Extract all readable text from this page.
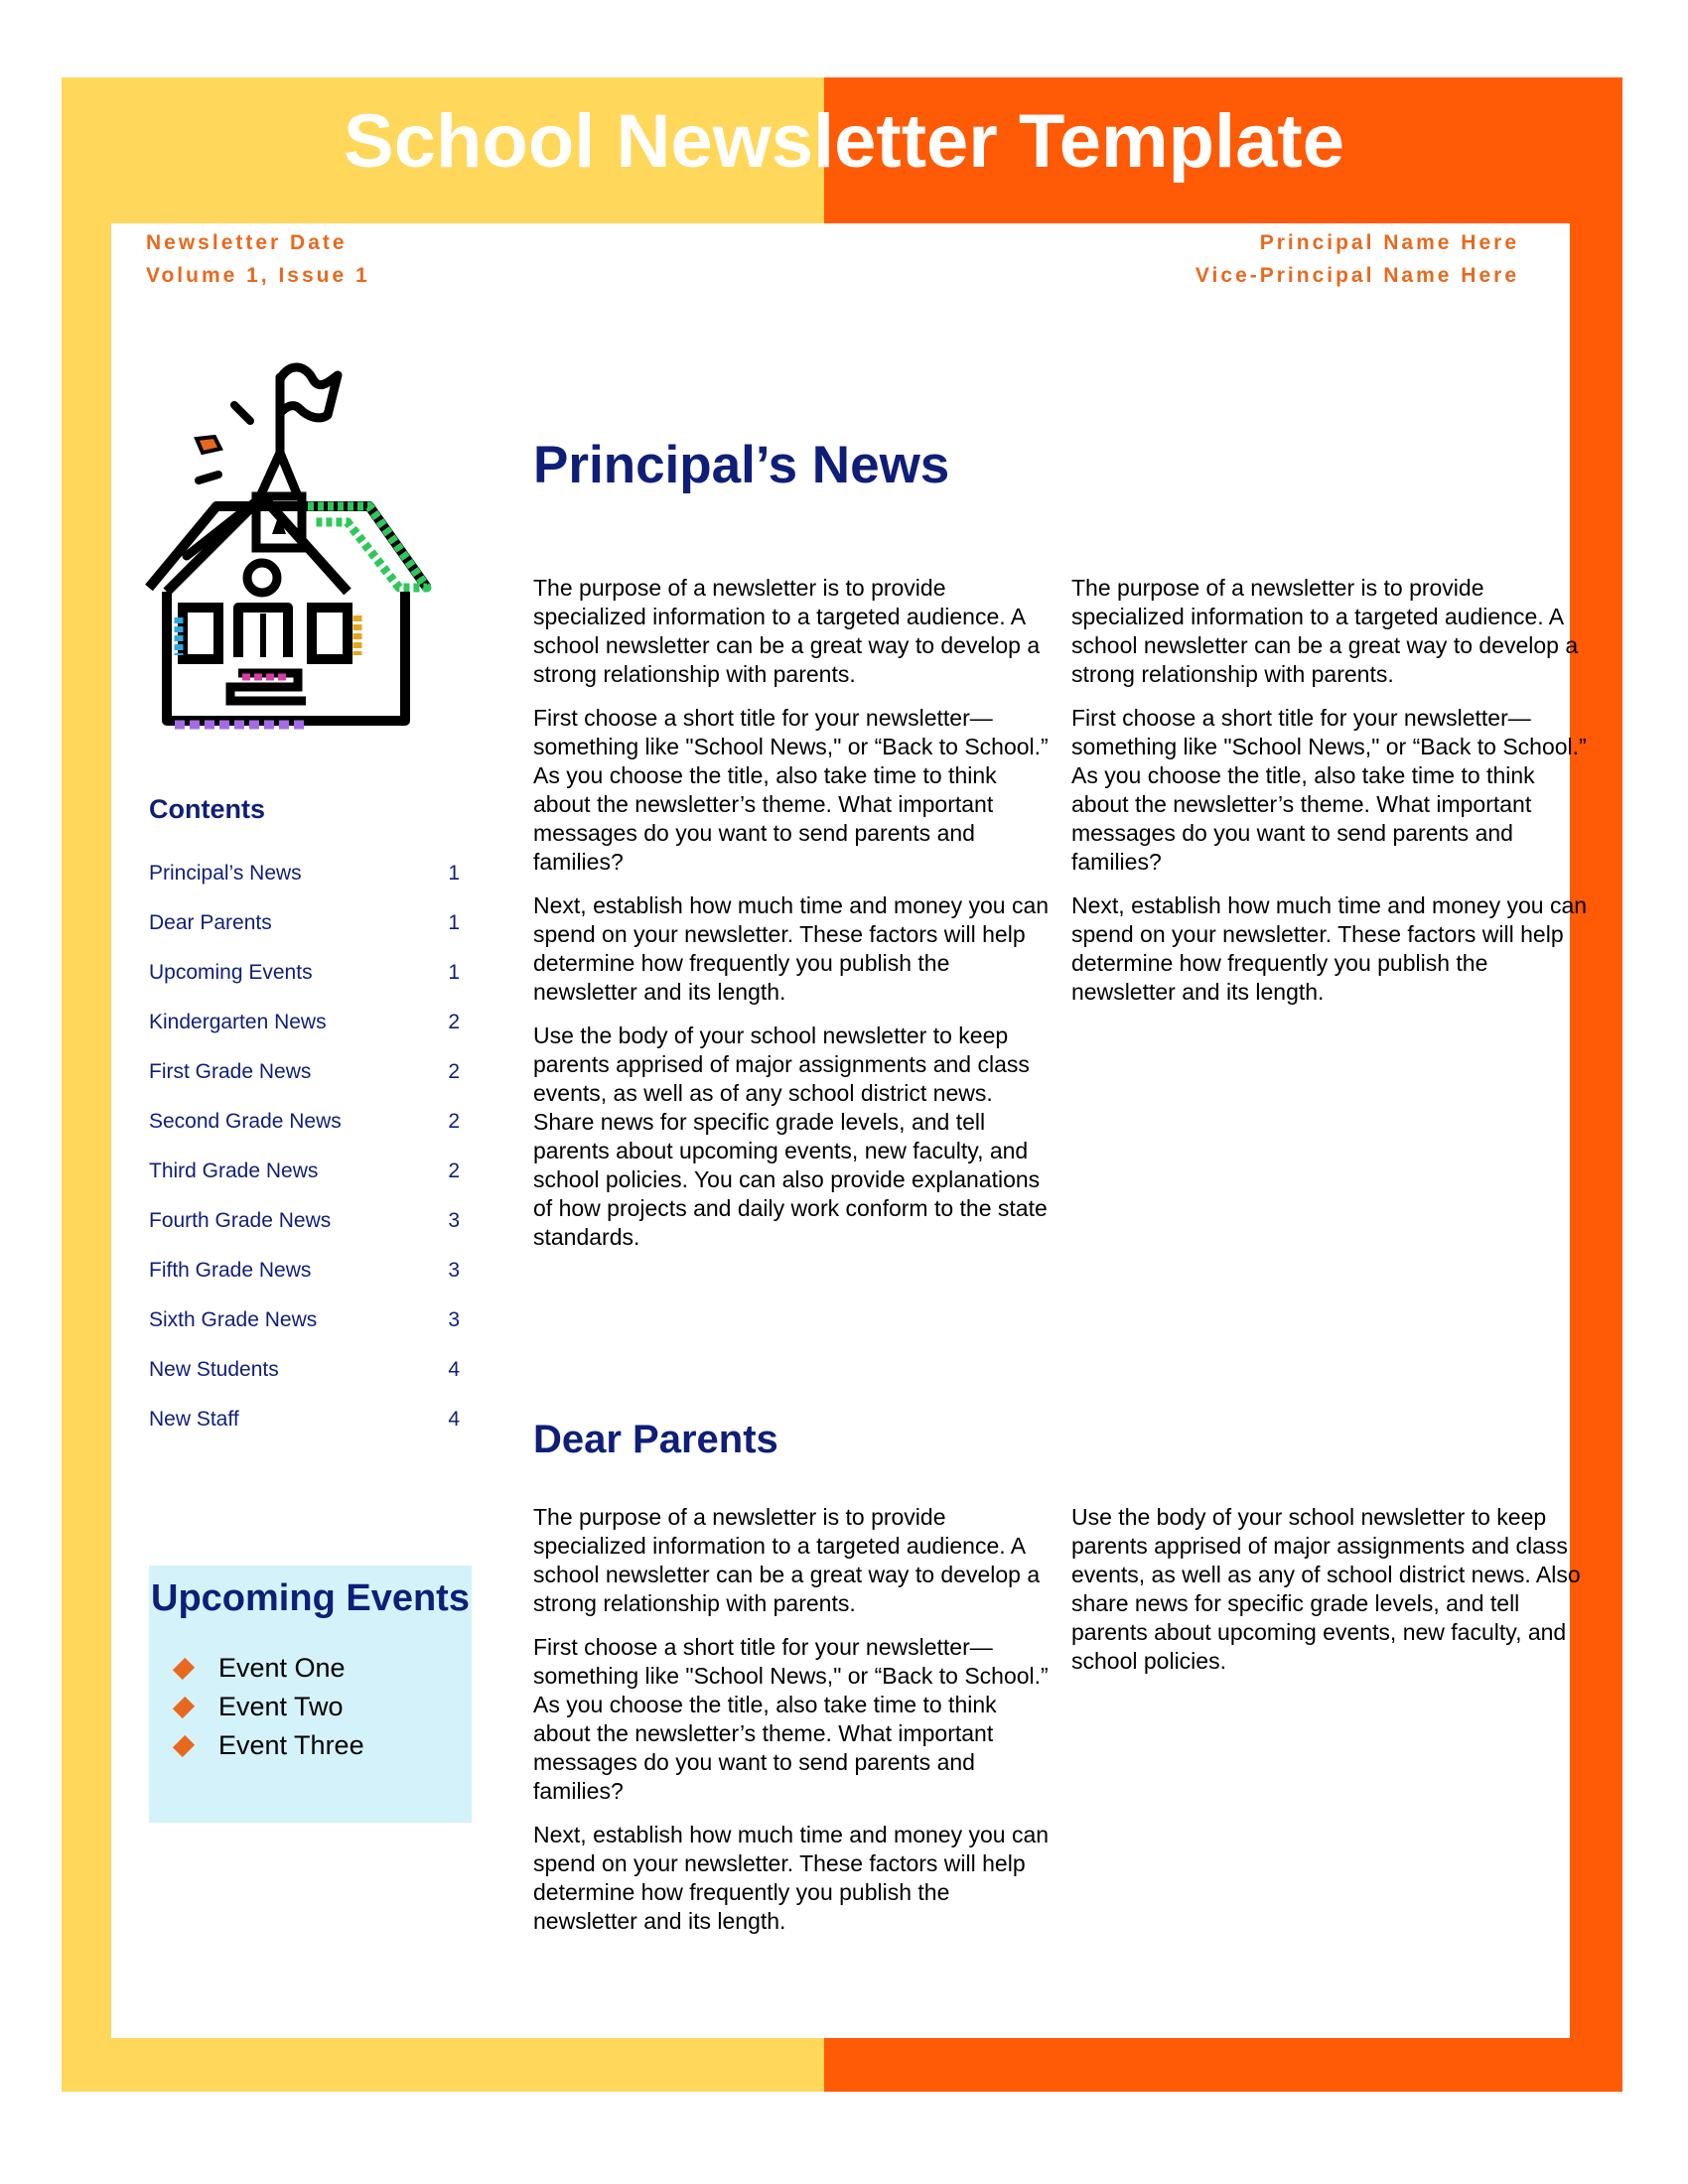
School Newsletter Template
Newsletter Date
Volume 1, Issue 1
Principal Name Here
Vice-Principal Name Here
Contents
Principal’s News	1
Dear Parents	1
Upcoming Events	1
Kindergarten News	2
First Grade News	2
Second Grade News	2
Third Grade News	2
Fourth Grade News	3
Fifth Grade News	3
Sixth Grade News	3
New Students	4
New Staff	4
Upcoming Events
Event One
Event Two
Event Three
Principal’s News

The purpose of a newsletter is to provide specialized information to a targeted audience. A school newsletter can be a great way to develop a strong relationship with parents.

First choose a short title for your newsletter—something like "School News," or “Back to School.” As you choose the title, also take time to think about the newsletter’s theme. What important messages do you want to send parents and families?

Next, establish how much time and money you can spend on your newsletter. These factors will help determine how frequently you publish the newsletter and its length.

Use the body of your school newsletter to keep parents apprised of major assignments and class events, as well as of any school district news. Share news for specific grade levels, and tell parents about upcoming events, new faculty, and school policies. You can also provide explanations of how projects and daily work conform to the state standards.

The purpose of a newsletter is to provide specialized information to a targeted audience. A school newsletter can be a great way to develop a strong relationship with parents.

First choose a short title for your newsletter— something like "School News," or “Back to School.” As you choose the title, also take time to think about the newsletter’s theme. What important messages do you want to send parents and families?

Next, establish how much time and money you can spend on your newsletter. These factors will help determine how frequently you publish the newsletter and its length.

Dear Parents

The purpose of a newsletter is to provide specialized information to a targeted audience. A school newsletter can be a great way to develop a strong relationship with parents.

First choose a short title for your newsletter—something like "School News," or “Back to School.” As you choose the title, also take time to think about the newsletter’s theme. What important messages do you want to send parents and families?

Next, establish how much time and money you can spend on your newsletter. These factors will help determine how frequently you publish the newsletter and its length.

Use the body of your school newsletter to keep parents apprised of major assignments and class events, as well as any of school district news. Also share news for specific grade levels, and tell parents about upcoming events, new faculty, and school policies.
